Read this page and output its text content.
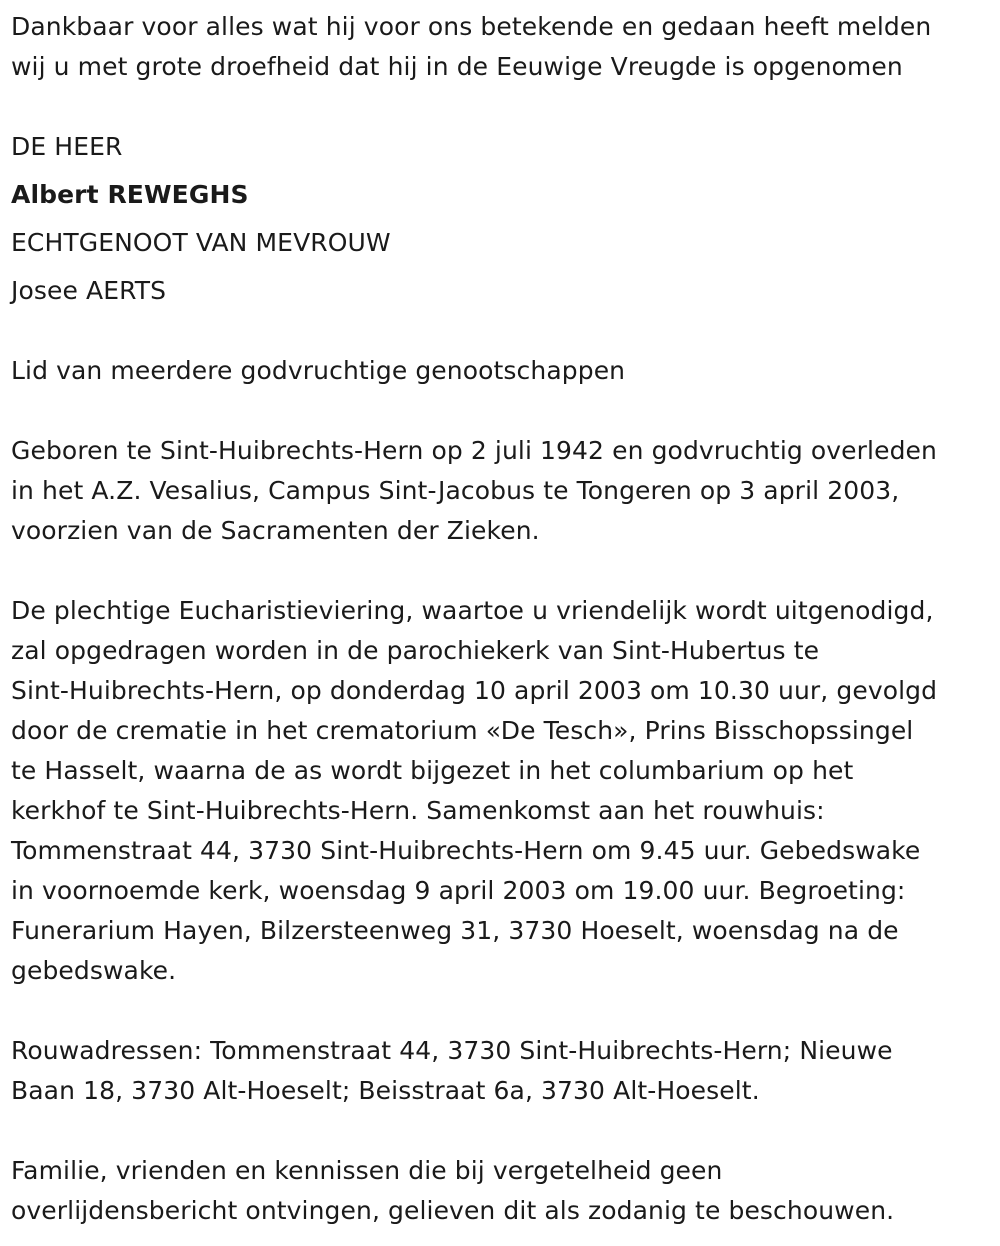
Dankbaar voor alles wat hij voor ons betekende en gedaan heeft melden
wij u met grote droefheid dat hij in de Eeuwige Vreugde is opgenomen
DE HEER
Albert REWEGHS
ECHTGENOOT VAN MEVROUW
Josee AERTS
Lid van meerdere godvruchtige genootschappen
Geboren te Sint-Huibrechts-Hern op 2 juli 1942 en godvruchtig overleden
in het A.Z. Vesalius, Campus Sint-Jacobus te Tongeren op 3 april 2003,
voorzien van de Sacramenten der Zieken.
De plechtige Eucharistieviering, waartoe u vriendelijk wordt uitgenodigd,
zal opgedragen worden in de parochiekerk van Sint-Hubertus te
Sint-Huibrechts-Hern, op donderdag 10 april 2003 om 10.30 uur, gevolgd
door de crematie in het crematorium «De Tesch», Prins Bisschopssingel
te Hasselt, waarna de as wordt bijgezet in het columbarium op het
kerkhof te Sint-Huibrechts-Hern. Samenkomst aan het rouwhuis:
Tommenstraat 44, 3730 Sint-Huibrechts-Hern om 9.45 uur. Gebedswake
in voornoemde kerk, woensdag 9 april 2003 om 19.00 uur. Begroeting:
Funerarium Hayen, Bilzersteenweg 31, 3730 Hoeselt, woensdag na de
gebedswake.
Rouwadressen: Tommenstraat 44, 3730 Sint-Huibrechts-Hern; Nieuwe
Baan 18, 3730 Alt-Hoeselt; Beisstraat 6a, 3730 Alt-Hoeselt.
Familie, vrienden en kennissen die bij vergetelheid geen
overlijdensbericht ontvingen, gelieven dit als zodanig te beschouwen.
